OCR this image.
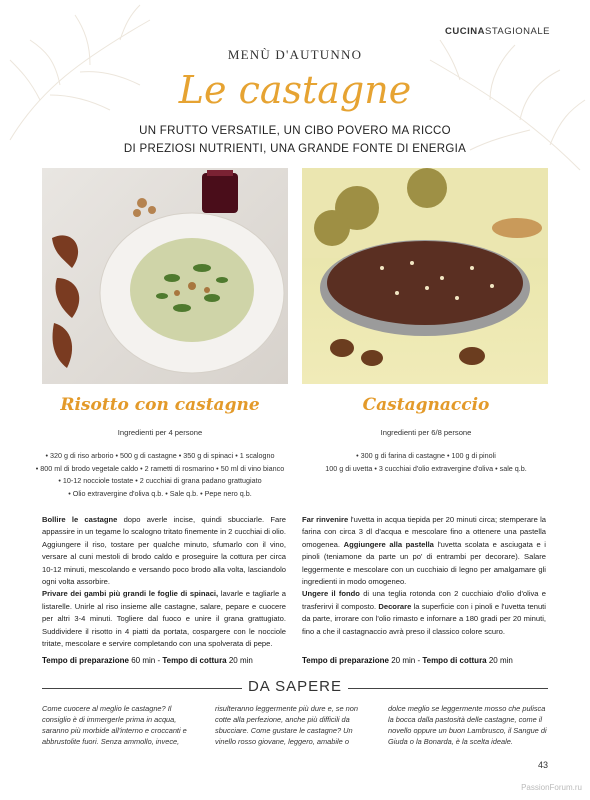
CUCINASTAGIONALE
MENÙ D'AUTUNNO
Le castagne
UN FRUTTO VERSATILE, UN CIBO POVERO MA RICCO
DI PREZIOSI NUTRIENTI, UNA GRANDE FONTE DI ENERGIA
Risotto con castagne
Ingredienti per 4 persone
• 320 g di riso arborio • 500 g di castagne • 350 g di spinaci • 1 scalogno
• 800 ml di brodo vegetale caldo • 2 rametti di rosmarino • 50 ml di vino bianco
• 10-12 nocciole tostate • 2 cucchiai di grana padano grattugiato
• Olio extravergine d'oliva q.b. • Sale q.b. • Pepe nero q.b.
Bollire le castagne dopo averle incise, quindi sbucciarle. Fare appassire in un tegame lo scalogno tritato finemente in 2 cucchiai di olio. Aggiungere il riso, tostare per qualche minuto, sfumarlo con il vino, versare al cuni mestoli di brodo caldo e proseguire la cottura per circa 10-12 minuti, mescolando e versando poco brodo alla volta, lasciandolo ogni volta assorbire.
Privare dei gambi più grandi le foglie di spinaci, lavarle e tagliarle a listarelle. Unirle al riso insieme alle castagne, salare, pepare e cuocere per altri 3-4 minuti. Togliere dal fuoco e unire il grana grattugiato. Suddividere il risotto in 4 piatti da portata, cospargere con le nocciole tritate, mescolare e servire completando con una spolverata di pepe.
Tempo di preparazione 60 min - Tempo di cottura 20 min
Castagnaccio
Ingredienti per 6/8 persone
• 300 g di farina di castagne • 100 g di pinoli
100 g di uvetta • 3 cucchiai d'olio extravergine d'oliva • sale q.b.
Far rinvenire l'uvetta in acqua tiepida per 20 minuti circa; stemperare la farina con circa 3 dl d'acqua e mescolare fino a ottenere una pastella omogenea. Aggiungere alla pastella l'uvetta scolata e asciugata e i pinoli (teniamone da parte un po' di entrambi per decorare). Salare leggermente e mescolare con un cucchiaio di legno per amalgamare gli ingredienti in modo omogeneo.
Ungere il fondo di una teglia rotonda con 2 cucchiaio d'olio d'oliva e trasferirvi il composto. Decorare la superficie con i pinoli e l'uvetta tenuti da parte, irrorare con l'olio rimasto e infornare a 180 gradi per 20 minuti, fino a che il castagnaccio avrà preso il classico colore scuro.
Tempo di preparazione 20 min - Tempo di cottura 20 min
DA SAPERE
Come cuocere al meglio le castagne? Il consiglio è di immergerle prima in acqua, saranno più morbide all'interno e croccanti e abbrustolite fuori. Senza ammollo, invece,
risulteranno leggermente più dure e, se non cotte alla perfezione, anche più difficili da sbucciare. Come gustare le castagne? Un vinello rosso giovane, leggero, amabile o
dolce meglio se leggermente mosso che pulisca la bocca dalla pastosità delle castagne, come il novello oppure un buon Lambrusco, il Sangue di Giuda o la Bonarda, è la scelta ideale.
43
PassionForum.ru
